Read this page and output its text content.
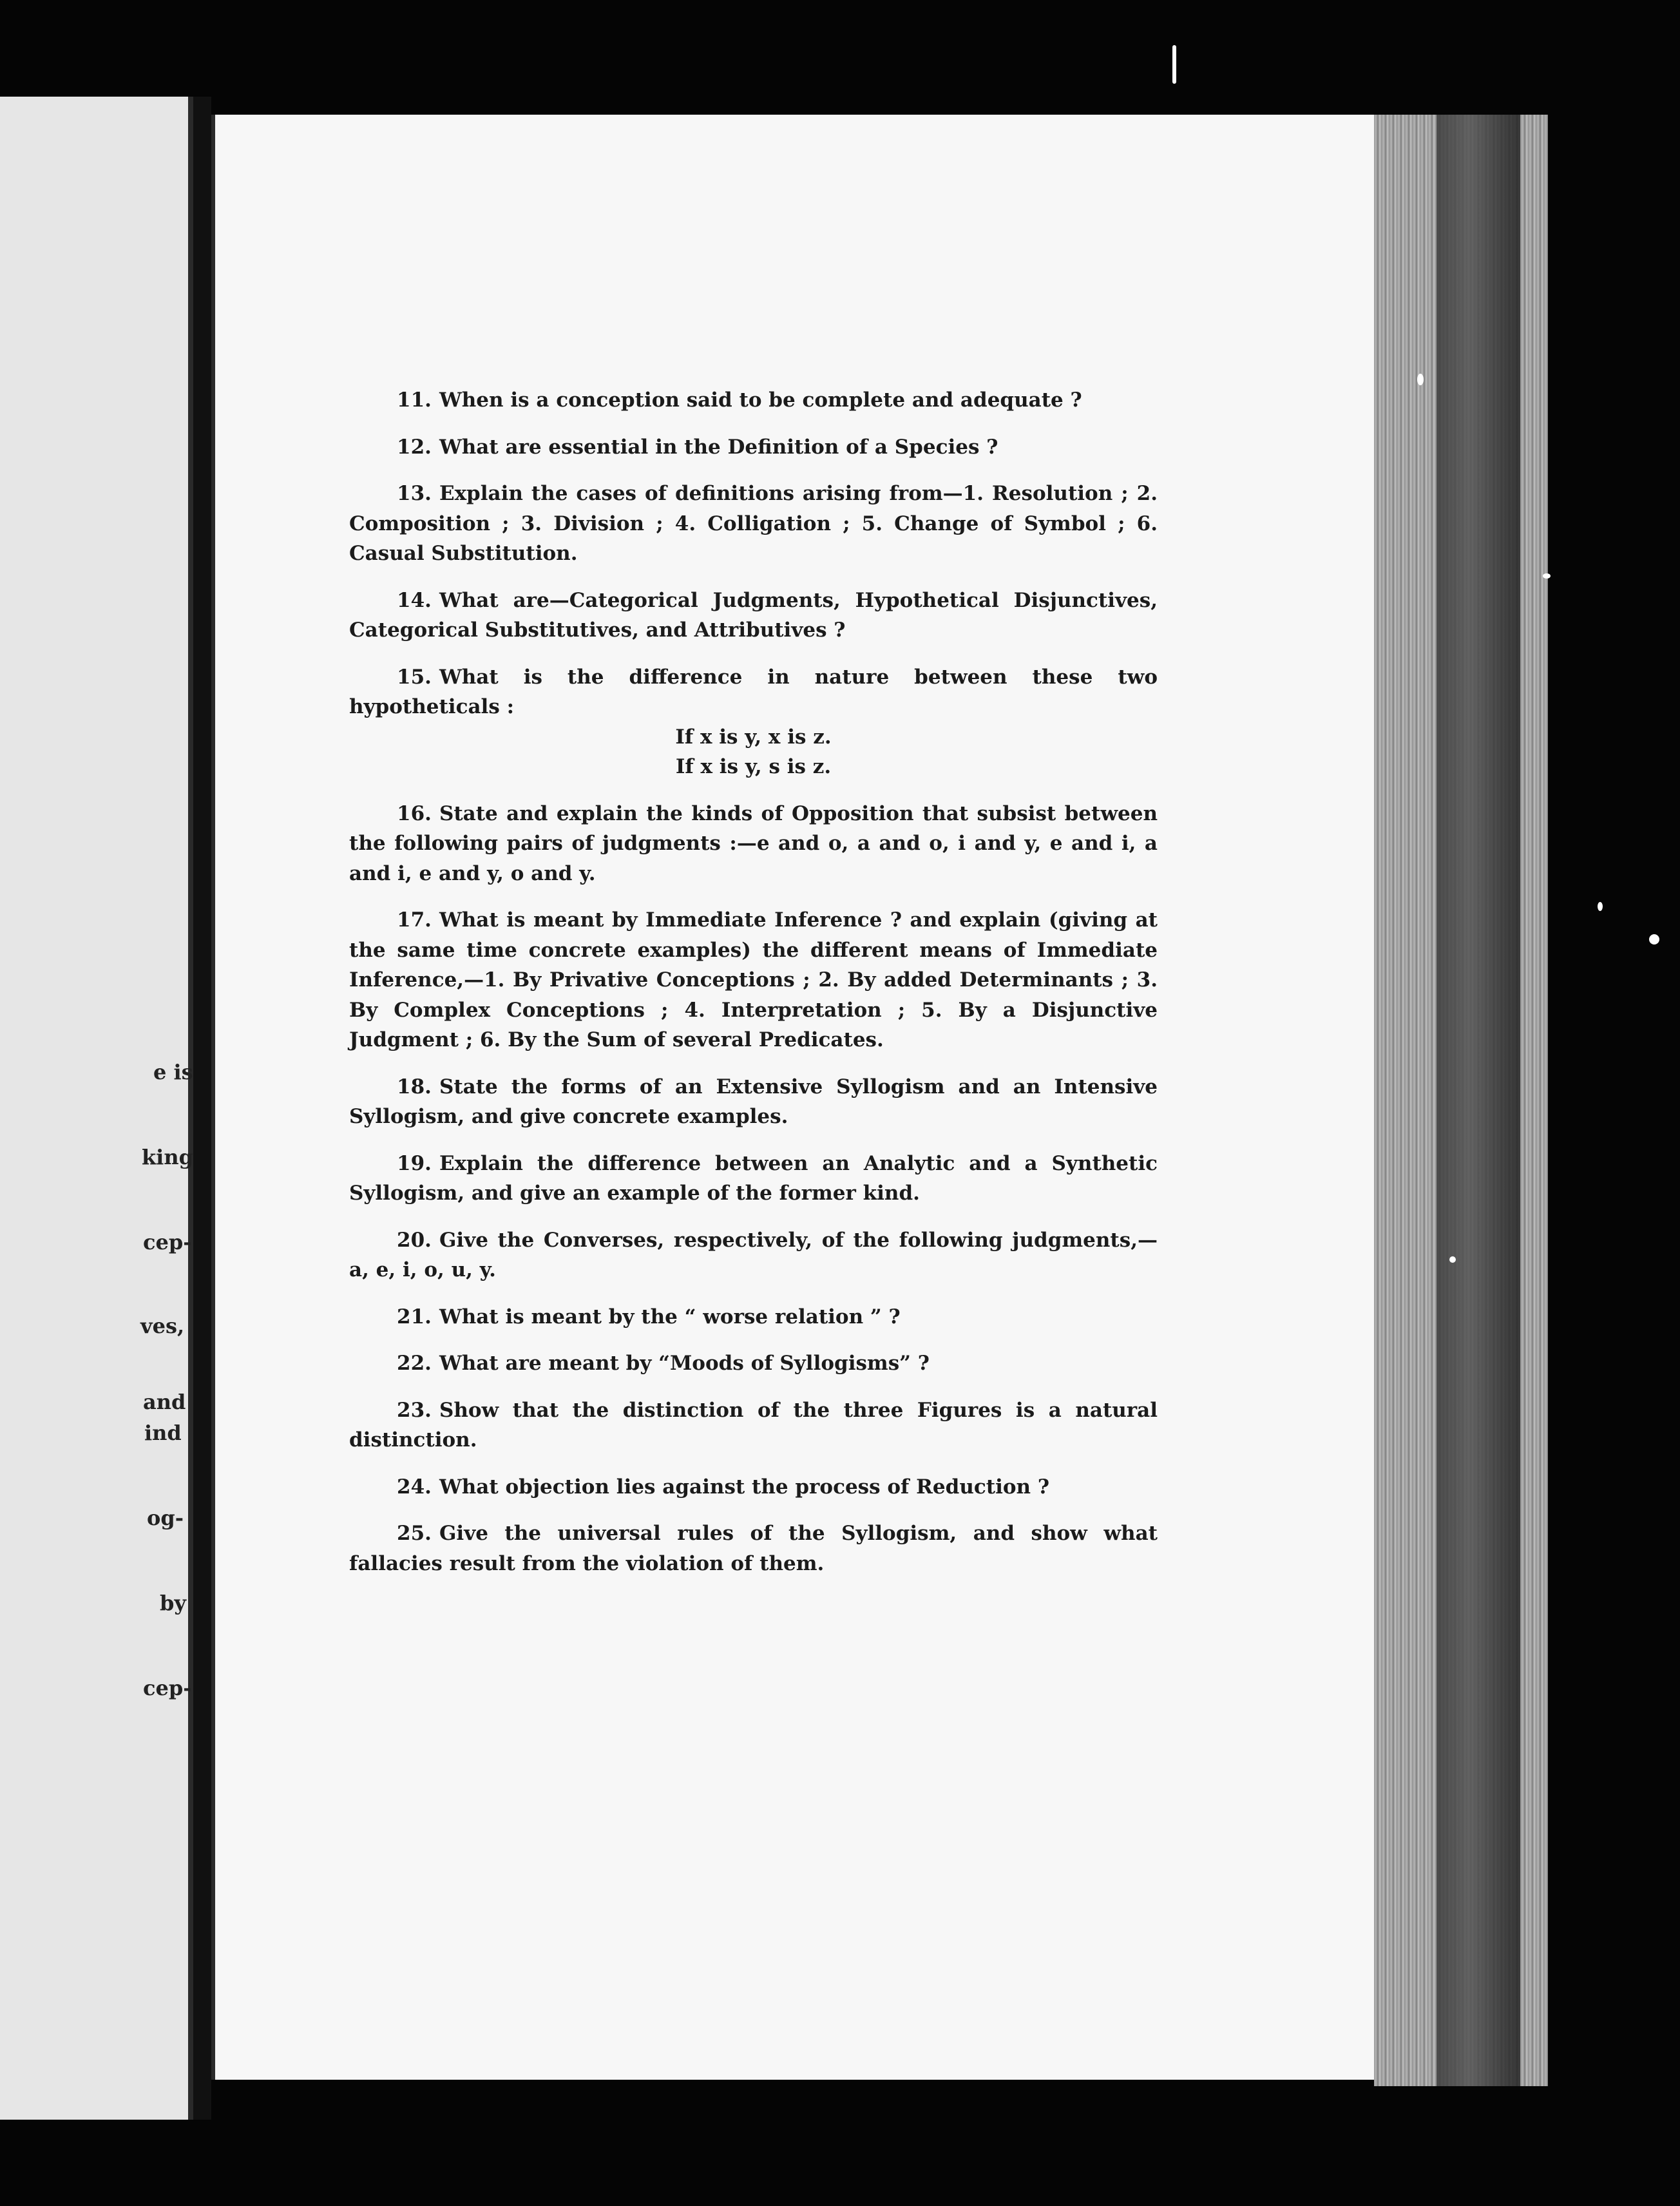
e is
king
cep-
ves,
and
ind
og-
by
cep-

11. When is a conception said to be complete and adequate ?

12. What are essential in the Definition of a Species ?

13. Explain the cases of definitions arising from—1. Resolution ; 2. Composition ; 3. Division ; 4. Colligation ; 5. Change of Symbol ; 6. Casual Substitution.

14. What are—Categorical Judgments, Hypothetical Disjunctives, Categorical Substitutives, and Attributives ?

15. What is the difference in nature between these two hypotheticals :

If x is y, x is z.

If x is y, s is z.

16. State and explain the kinds of Opposition that subsist between the following pairs of judgments :—e and o, a and o, i and y, e and i, a and i, e and y, o and y.

17. What is meant by Immediate Inference ? and explain (giving at the same time concrete examples) the different means of Immediate Inference,—1. By Privative Conceptions ; 2. By added Determinants ; 3. By Complex Conceptions ; 4. Interpretation ; 5. By a Disjunctive Judgment ; 6. By the Sum of several Predicates.

18. State the forms of an Extensive Syllogism and an Intensive Syllogism, and give concrete examples.

19. Explain the difference between an Analytic and a Synthetic Syllogism, and give an example of the former kind.

20. Give the Converses, respectively, of the following judgments,— a, e, i, o, u, y.

21. What is meant by the “ worse relation ” ?

22. What are meant by “Moods of Syllogisms” ?

23. Show that the distinction of the three Figures is a natural distinction.

24. What objection lies against the process of Reduction ?

25. Give the universal rules of the Syllogism, and show what fallacies result from the violation of them.
